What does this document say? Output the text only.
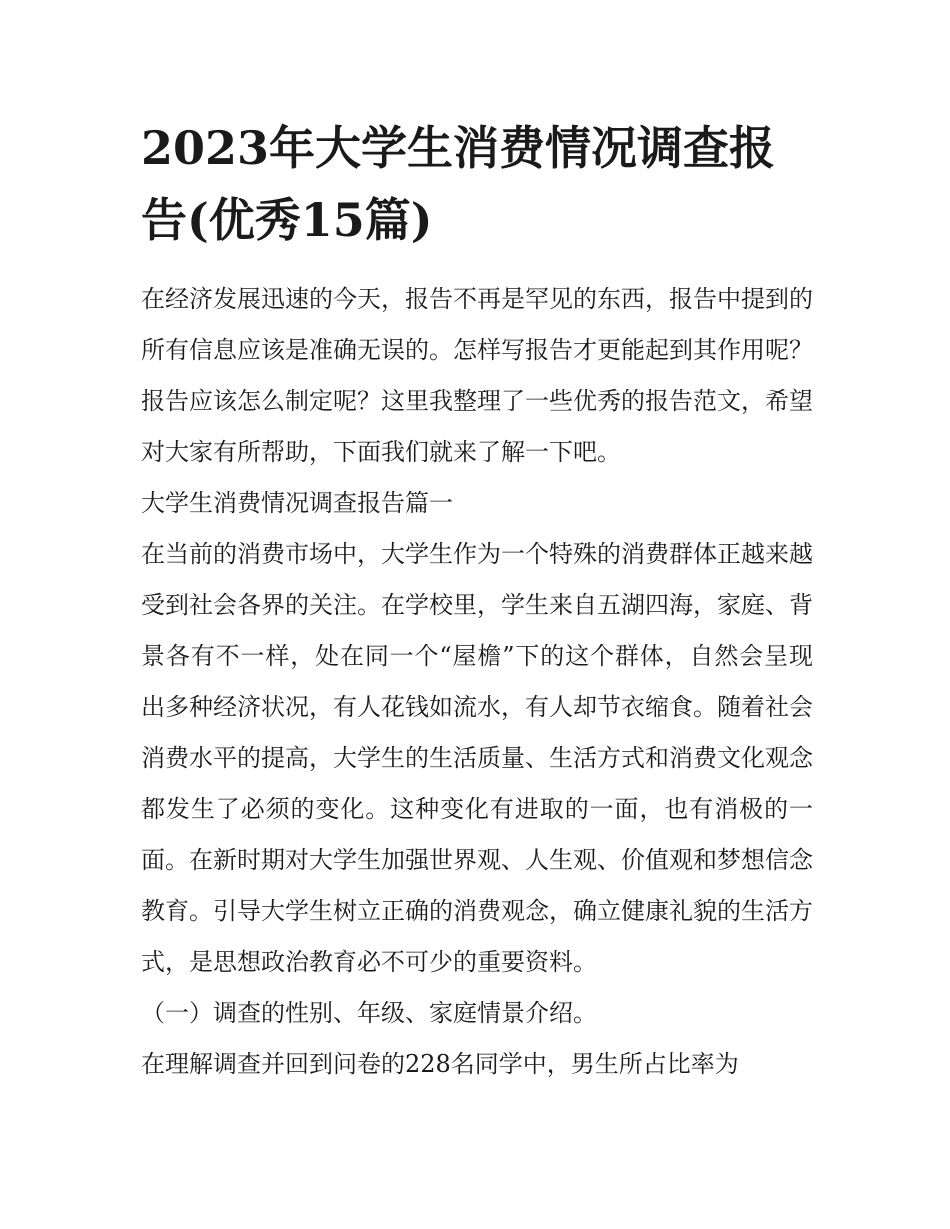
2023年大学生消费情况调查报告(优秀15篇)

在经济发展迅速的今天，报告不再是罕见的东西，报告中提到的所有信息应该是准确无误的。怎样写报告才更能起到其作用呢？报告应该怎么制定呢？这里我整理了一些优秀的报告范文，希望对大家有所帮助，下面我们就来了解一下吧。

大学生消费情况调查报告篇一

在当前的消费市场中，大学生作为一个特殊的消费群体正越来越受到社会各界的关注。在学校里，学生来自五湖四海，家庭、背景各有不一样，处在同一个“屋檐”下的这个群体，自然会呈现出多种经济状况，有人花钱如流水，有人却节衣缩食。随着社会消费水平的提高，大学生的生活质量、生活方式和消费文化观念都发生了必须的变化。这种变化有进取的一面，也有消极的一面。在新时期对大学生加强世界观、人生观、价值观和梦想信念教育。引导大学生树立正确的消费观念，确立健康礼貌的生活方式，是思想政治教育必不可少的重要资料。

（一）调查的性别、年级、家庭情景介绍。

在理解调查并回到问卷的228名同学中，男生所占比率为
